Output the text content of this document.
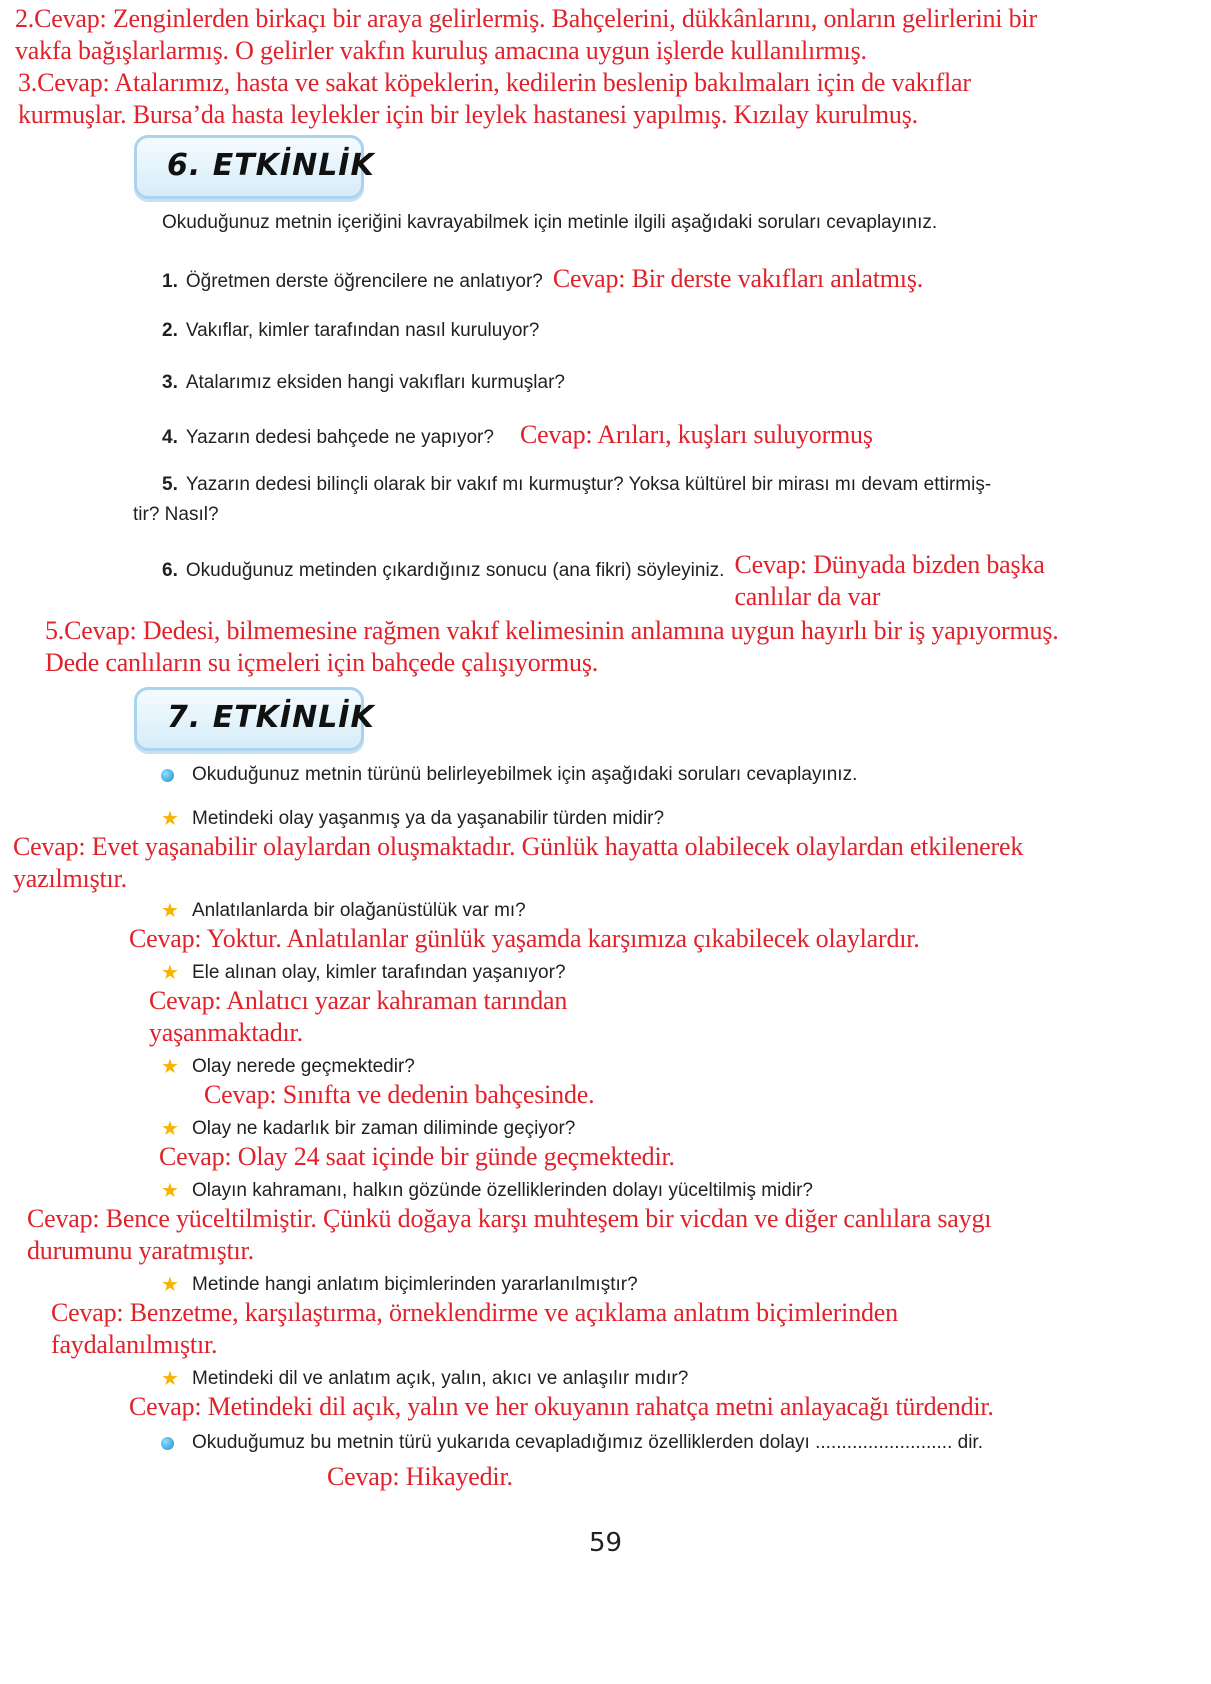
2.Cevap: Zenginlerden birkaçı bir araya gelirlermiş. Bahçelerini, dükkânlarını, onların gelirlerini bir
vakfa bağışlarlarmış. O gelirler vakfın kuruluş amacına uygun işlerde kullanılırmış.
3.Cevap: Atalarımız, hasta ve sakat köpeklerin, kedilerin beslenip bakılmaları için de vakıflar
kurmuşlar. Bursa’da hasta leylekler için bir leylek hastanesi yapılmış. Kızılay kurulmuş.
6. ETKİNLİK
Okuduğunuz metnin içeriğini kavrayabilmek için metinle ilgili aşağıdaki soruları cevaplayınız.
1. Öğretmen derste öğrencilere ne anlatıyor? Cevap: Bir derste vakıfları anlatmış.
2. Vakıflar, kimler tarafından nasıl kuruluyor?
3. Atalarımız eksiden hangi vakıfları kurmuşlar?
4. Yazarın dedesi bahçede ne yapıyor? Cevap: Arıları, kuşları suluyormuş
5. Yazarın dedesi bilinçli olarak bir vakıf mı kurmuştur? Yoksa kültürel bir mirası mı devam ettirmiş-
tir? Nasıl?
6. Okuduğunuz metinden çıkardığınız sonucu (ana fikri) söyleyiniz. Cevap: Dünyada bizden başka
canlılar da var
5.Cevap: Dedesi, bilmemesine rağmen vakıf kelimesinin anlamına uygun hayırlı bir iş yapıyormuş.
Dede canlıların su içmeleri için bahçede çalışıyormuş.
7. ETKİNLİK
Okuduğunuz metnin türünü belirleyebilmek için aşağıdaki soruları cevaplayınız.
★ Metindeki olay yaşanmış ya da yaşanabilir türden midir?
Cevap: Evet yaşanabilir olaylardan oluşmaktadır. Günlük hayatta olabilecek olaylardan etkilenerek
yazılmıştır.
★ Anlatılanlarda bir olağanüstülük var mı?
Cevap: Yoktur. Anlatılanlar günlük yaşamda karşımıza çıkabilecek olaylardır.
★ Ele alınan olay, kimler tarafından yaşanıyor?
Cevap: Anlatıcı yazar kahraman tarından
yaşanmaktadır.
★ Olay nerede geçmektedir?
Cevap: Sınıfta ve dedenin bahçesinde.
★ Olay ne kadarlık bir zaman diliminde geçiyor?
Cevap: Olay 24 saat içinde bir günde geçmektedir.
★ Olayın kahramanı, halkın gözünde özelliklerinden dolayı yüceltilmiş midir?
Cevap: Bence yüceltilmiştir. Çünkü doğaya karşı muhteşem bir vicdan ve diğer canlılara saygı
durumunu yaratmıştır.
★ Metinde hangi anlatım biçimlerinden yararlanılmıştır?
Cevap: Benzetme, karşılaştırma, örneklendirme ve açıklama anlatım biçimlerinden
faydalanılmıştır.
★ Metindeki dil ve anlatım açık, yalın, akıcı ve anlaşılır mıdır?
Cevap: Metindeki dil açık, yalın ve her okuyanın rahatça metni anlayacağı türdendir.
Okuduğumuz bu metnin türü yukarıda cevapladığımız özelliklerden dolayı .......................... dir.
Cevap: Hikayedir.
59
